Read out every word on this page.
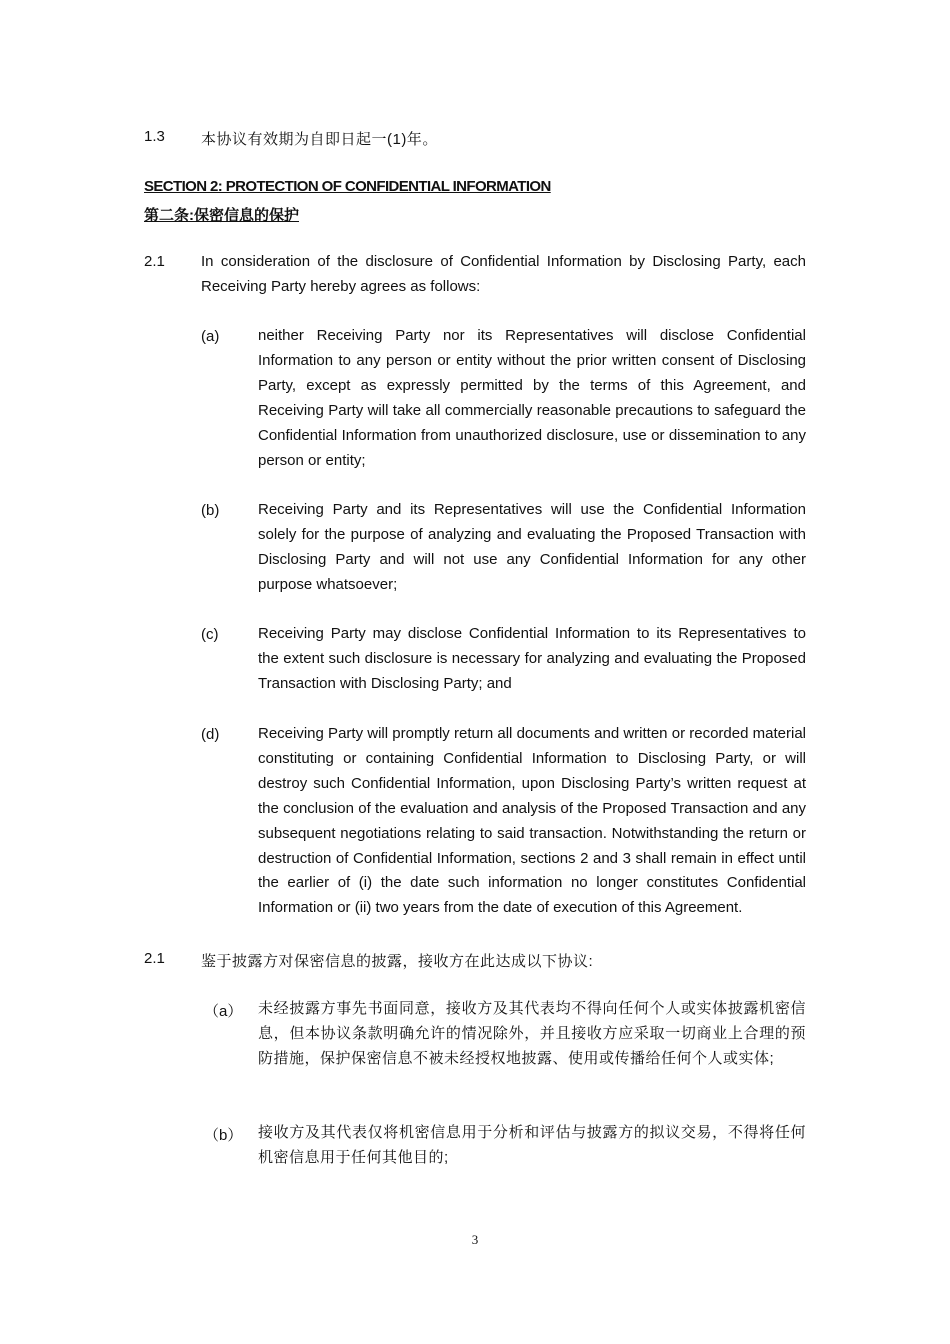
1.3 本协议有效期为自即日起一(1)年。
SECTION 2: PROTECTION OF CONFIDENTIAL INFORMATION
第二条:保密信息的保护
2.1 In consideration of the disclosure of Confidential Information by Disclosing Party, each Receiving Party hereby agrees as follows:
(a)	neither Receiving Party nor its Representatives will disclose Confidential Information to any person or entity without the prior written consent of Disclosing Party, except as expressly permitted by the terms of this Agreement, and Receiving Party will take all commercially reasonable precautions to safeguard the Confidential Information from unauthorized disclosure, use or dissemination to any person or entity;
(b)	Receiving Party and its Representatives will use the Confidential Information solely for the purpose of analyzing and evaluating the Proposed Transaction with Disclosing Party and will not use any Confidential Information for any other purpose whatsoever;
(c)	Receiving Party may disclose Confidential Information to its Representatives to the extent such disclosure is necessary for analyzing and evaluating the Proposed Transaction with Disclosing Party; and
(d)	Receiving Party will promptly return all documents and written or recorded material constituting or containing Confidential Information to Disclosing Party, or will destroy such Confidential Information, upon Disclosing Party’s written request at the conclusion of the evaluation and analysis of the Proposed Transaction and any subsequent negotiations relating to said transaction. Notwithstanding the return or destruction of Confidential Information, sections 2 and 3 shall remain in effect until the earlier of (i) the date such information no longer constitutes Confidential Information or (ii) two years from the date of execution of this Agreement.
2.1 鉴于披露方对保密信息的披露，接收方在此达成以下协议:
（a） 未经披露方事先书面同意，接收方及其代表均不得向任何个人或实体披露机密信息，但本协议条款明确允许的情况除外，并且接收方应采取一切商业上合理的预防措施，保护保密信息不被未经授权地披露、使用或传播给任何个人或实体;
（b） 接收方及其代表仅将机密信息用于分析和评估与披露方的拟议交易，不得将任何机密信息用于任何其他目的;
3
